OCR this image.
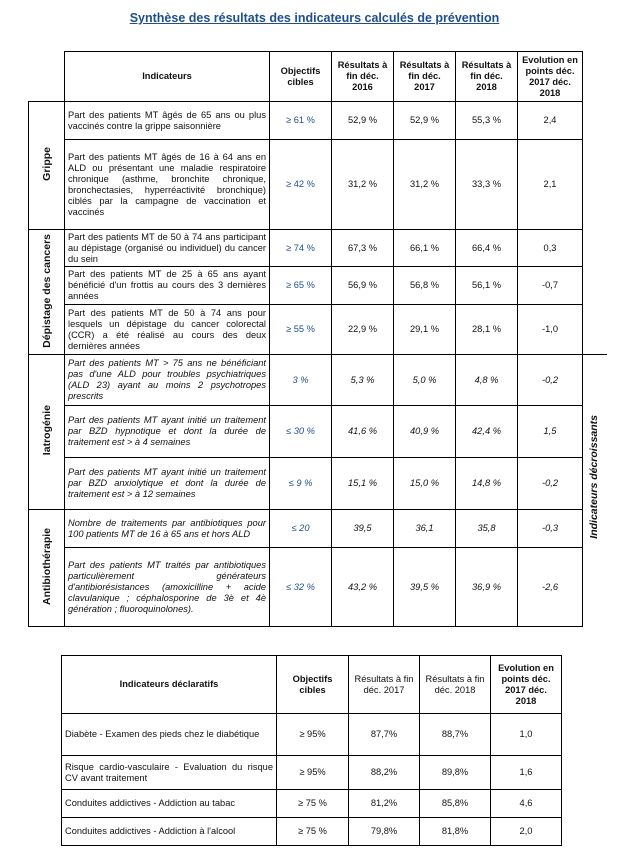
Synthèse des résultats des indicateurs calculés de prévention
	Indicateurs	Objectifs cibles	Résultats à fin déc. 2016	Résultats à fin déc. 2017	Résultats à fin déc. 2018	Evolution en points déc. 2017 déc. 2018
Grippe	Part des patients MT âgés de 65 ans ou plus vaccinés contre la grippe saisonnière	≥ 61 %	52,9 %	52,9 %	55,3 %	2,4
	Part des patients MT âgés de 16 à 64 ans en ALD ou présentant une maladie respiratoire chronique (asthme, bronchite chronique, bronchectasies, hyperréactivité bronchique) ciblés par la campagne de vaccination et vaccinés	≥ 42 %	31,2 %	31,2 %	33,3 %	2,1
Dépistage des cancers	Part des patients MT de 50 à 74 ans participant au dépistage (organisé ou individuel) du cancer du sein	≥ 74 %	67,3 %	66,1 %	66,4 %	0,3
	Part des patients MT de 25 à 65 ans ayant bénéficié d'un frottis au cours des 3 dernières années	≥ 65 %	56,9 %	56,8 %	56,1 %	-0,7
	Part des patients MT de 50 à 74 ans pour lesquels un dépistage du cancer colorectal (CCR) a été réalisé au cours des deux dernières années	≥ 55 %	22,9 %	29,1 %	28,1 %	-1,0
Iatrogénie	Part des patients MT > 75 ans ne bénéficiant pas d'une ALD pour troubles psychiatriques (ALD 23) ayant au moins 2 psychotropes prescrits	3 %	5,3 %	5,0 %	4,8 %	-0,2
	Part des patients MT ayant initié un traitement par BZD hypnotique et dont la durée de traitement est > à 4 semaines	≤ 30 %	41,6 %	40,9 %	42,4 %	1,5
	Part des patients MT ayant initié un traitement par BZD anxiolytique et dont la durée de traitement est > à 12 semaines	≤ 9 %	15,1 %	15,0 %	14,8 %	-0,2
Antibiothérapie	Nombre de traitements par antibiotiques pour 100 patients MT de 16 à 65 ans et hors ALD	≤ 20	39,5	36,1	35,8	-0,3
	Part des patients MT traités par antibiotiques particulièrement générateurs d'antibiorésistances (amoxicilline + acide clavulanique ; céphalosporine de 3è et 4è génération ; fluoroquinolones).	≤ 32 %	43,2 %	39,5 %	36,9 %	-2,6
Indicateurs décroissants
Indicateurs déclaratifs	Objectifs cibles	Résultats à fin déc. 2017	Résultats à fin déc. 2018	Evolution en points déc. 2017 déc. 2018
Diabète - Examen des pieds chez le diabétique	≥ 95%	87,7%	88,7%	1,0
Risque cardio-vasculaire - Evaluation du risque CV avant traitement	≥ 95%	88,2%	89,8%	1,6
Conduites addictives - Addiction au tabac	≥ 75 %	81,2%	85,8%	4,6
Conduites addictives - Addiction à l'alcool	≥ 75 %	79,8%	81,8%	2,0
